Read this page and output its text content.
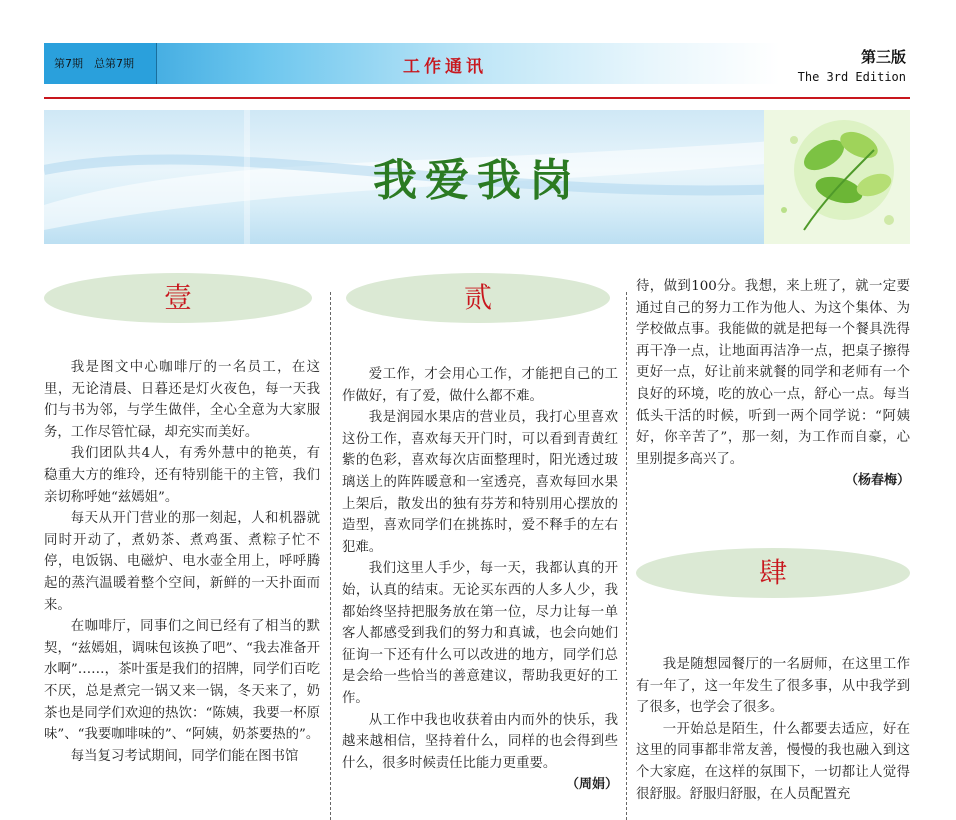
第7期　总第7期	工作通讯	第三版
The 3rd Edition
我爱我岗
壹

我是图文中心咖啡厅的一名员工，在这里，无论清晨、日暮还是灯火夜色，每一天我们与书为邻，与学生做伴，全心全意为大家服务，工作尽管忙碌，却充实而美好。

我们团队共4人，有秀外慧中的艳英，有稳重大方的维玲，还有特别能干的主管，我们亲切称呼她“兹嫣姐”。

每天从开门营业的那一刻起，人和机器就同时开动了，煮奶茶、煮鸡蛋、煮粽子忙不停，电饭锅、电磁炉、电水壶全用上，呼呼腾起的蒸汽温暖着整个空间，新鲜的一天扑面而来。

在咖啡厅，同事们之间已经有了相当的默契，“兹嫣姐，调味包该换了吧”、“我去准备开水啊”……，茶叶蛋是我们的招牌，同学们百吃不厌，总是煮完一锅又来一锅，冬天来了，奶茶也是同学们欢迎的热饮：“陈姨，我要一杯原味”、“我要咖啡味的”、“阿姨，奶茶要热的”。

每当复习考试期间，同学们能在图书馆

贰

爱工作，才会用心工作，才能把自己的工作做好，有了爱，做什么都不难。

我是润园水果店的营业员，我打心里喜欢这份工作，喜欢每天开门时，可以看到青黄红紫的色彩，喜欢每次店面整理时，阳光透过玻璃送上的阵阵暖意和一室透亮，喜欢每回水果上架后，散发出的独有芬芳和特别用心摆放的造型，喜欢同学们在挑拣时，爱不释手的左右犯难。

我们这里人手少，每一天，我都认真的开始，认真的结束。无论买东西的人多人少，我都始终坚持把服务放在第一位，尽力让每一单客人都感受到我们的努力和真诚，也会向她们征询一下还有什么可以改进的地方，同学们总是会给一些恰当的善意建议，帮助我更好的工作。

从工作中我也收获着由内而外的快乐，我越来越相信，坚持着什么，同样的也会得到些什么，很多时候责任比能力更重要。

（周娟）

待，做到100分。我想，来上班了，就一定要通过自己的努力工作为他人、为这个集体、为学校做点事。我能做的就是把每一个餐具洗得再干净一点，让地面再洁净一点，把桌子擦得更好一点，好让前来就餐的同学和老师有一个良好的环境，吃的放心一点，舒心一点。每当低头干活的时候，听到一两个同学说：“阿姨好，你辛苦了”，那一刻，为工作而自豪，心里别提多高兴了。

（杨春梅）
肆

我是随想园餐厅的一名厨师，在这里工作有一年了，这一年发生了很多事，从中我学到了很多，也学会了很多。

一开始总是陌生，什么都要去适应，好在这里的同事都非常友善，慢慢的我也融入到这个大家庭，在这样的氛围下，一切都让人觉得很舒服。舒服归舒服，在人员配置充
